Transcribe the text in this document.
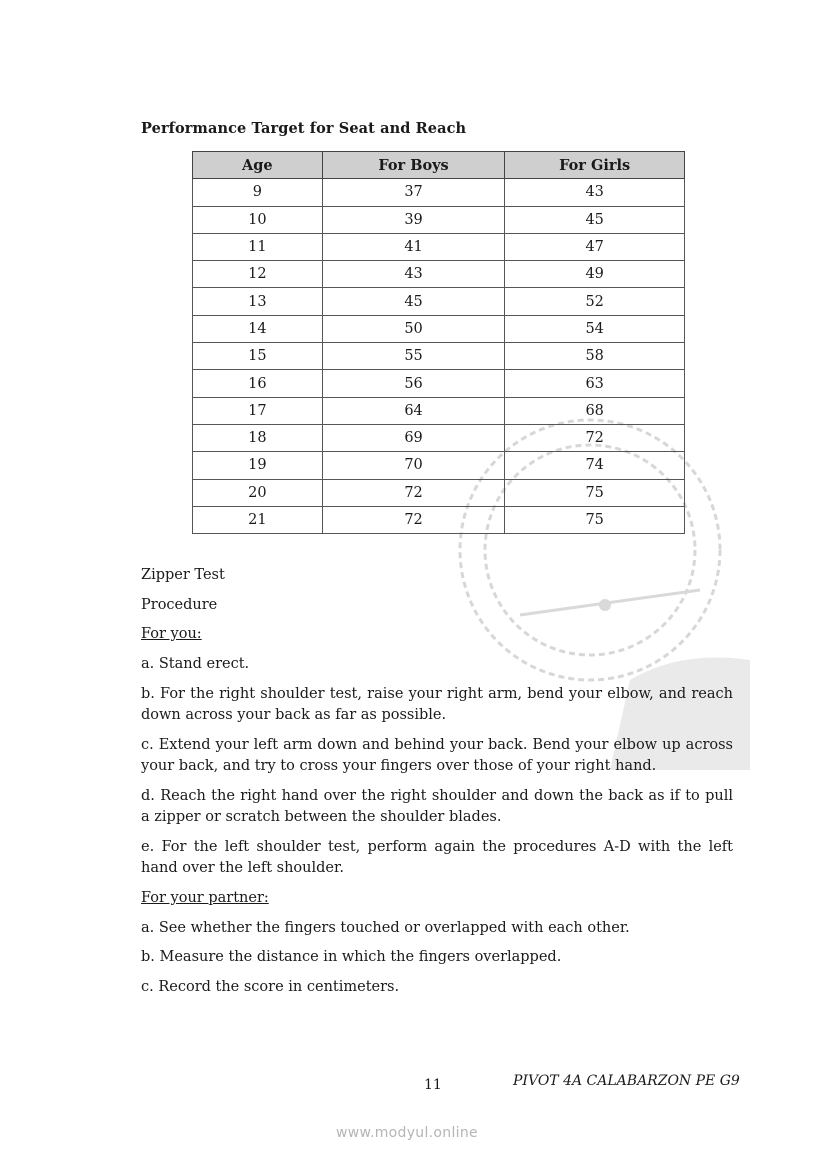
Performance Target for Seat and Reach
Age	For Boys	For Girls
9	37	43
10	39	45
11	41	47
12	43	49
13	45	52
14	50	54
15	55	58
16	56	63
17	64	68
18	69	72
19	70	74
20	72	75
21	72	75
Zipper Test
Procedure
For you:
a. Stand erect.
b. For the right shoulder test, raise your right arm, bend your elbow, and reach down across your back as far as possible.
c. Extend your left arm down and behind your back. Bend your elbow up across your back, and try to cross your fingers over those of your right hand.
d. Reach the right hand over the right shoulder and down the back as if to pull a zipper or scratch between the shoulder blades.
e. For the left shoulder test, perform again the procedures A-D with the left hand over the left shoulder.
For your partner:
a. See whether the fingers touched or overlapped with each other.
b. Measure the distance in which the fingers overlapped.
c. Record the score in centimeters.
11	PIVOT 4A CALABARZON PE G9
www.modyul.online
